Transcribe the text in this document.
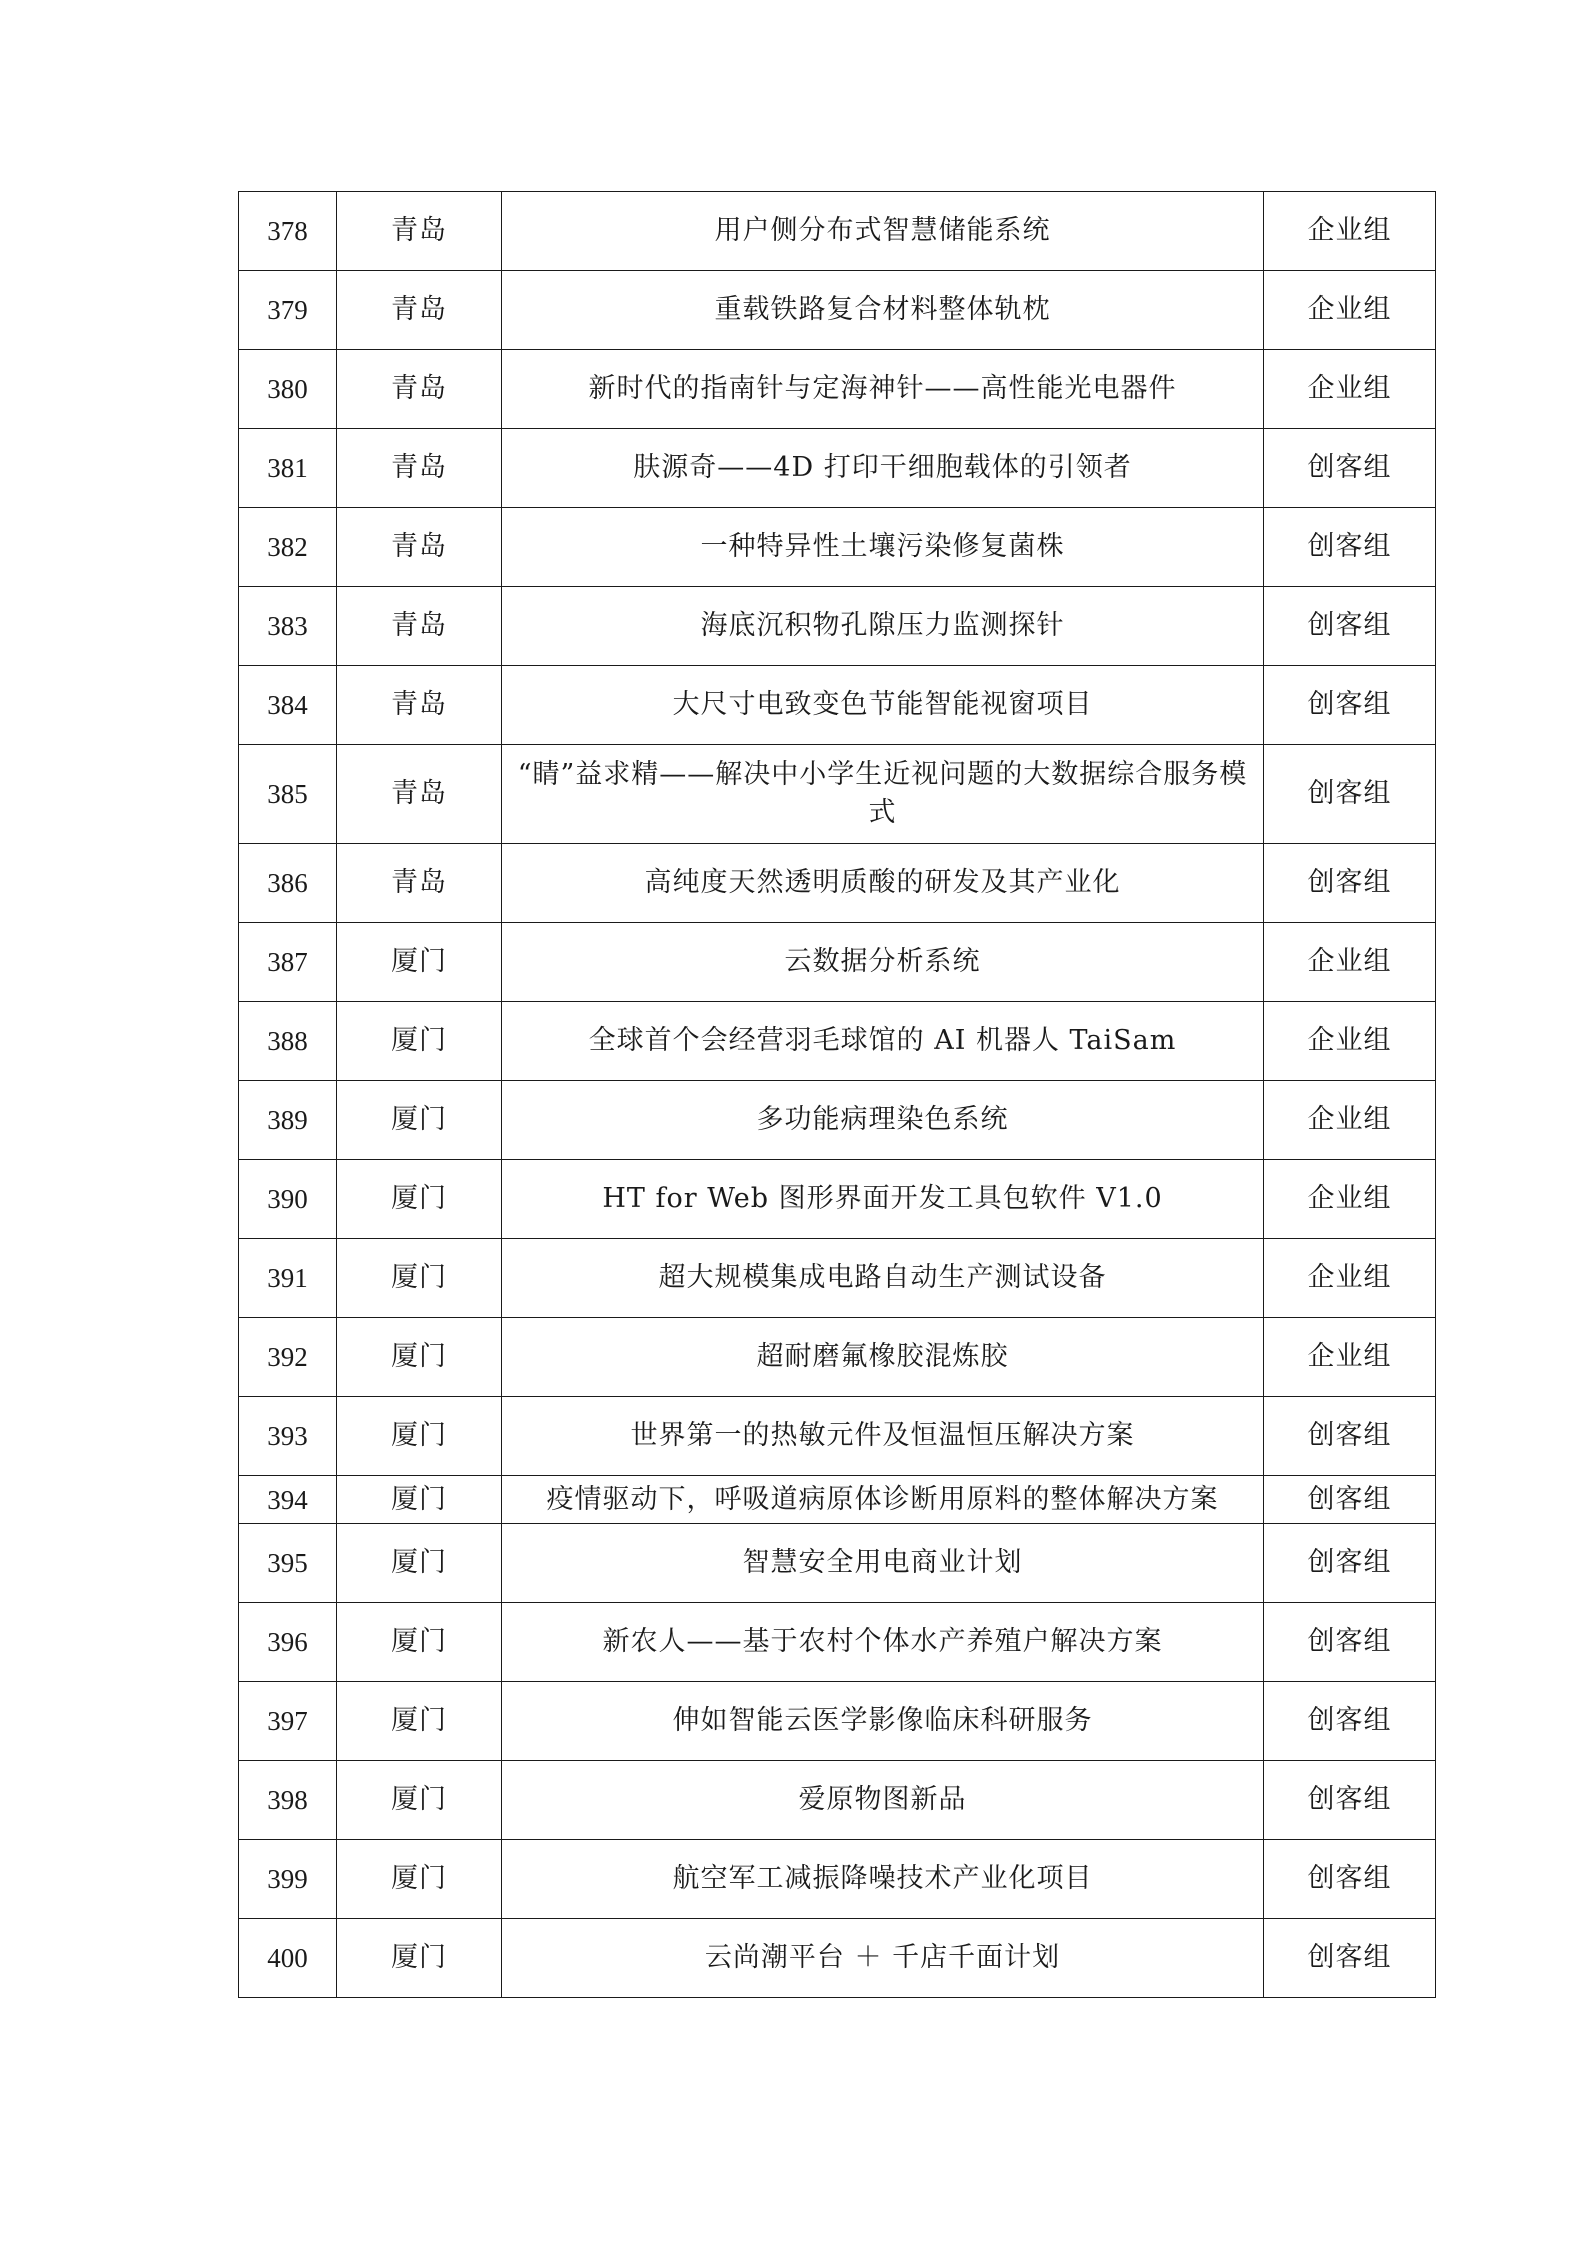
378	青岛	用户侧分布式智慧储能系统	企业组
379	青岛	重载铁路复合材料整体轨枕	企业组
380	青岛	新时代的指南针与定海神针——高性能光电器件	企业组
381	青岛	肤源奇——4D 打印干细胞载体的引领者	创客组
382	青岛	一种特异性土壤污染修复菌株	创客组
383	青岛	海底沉积物孔隙压力监测探针	创客组
384	青岛	大尺寸电致变色节能智能视窗项目	创客组
385	青岛	“睛”益求精——解决中小学生近视问题的大数据综合服务模式	创客组
386	青岛	高纯度天然透明质酸的研发及其产业化	创客组
387	厦门	云数据分析系统	企业组
388	厦门	全球首个会经营羽毛球馆的 AI 机器人 TaiSam	企业组
389	厦门	多功能病理染色系统	企业组
390	厦门	HT for Web 图形界面开发工具包软件 V1.0	企业组
391	厦门	超大规模集成电路自动生产测试设备	企业组
392	厦门	超耐磨氟橡胶混炼胶	企业组
393	厦门	世界第一的热敏元件及恒温恒压解决方案	创客组
394	厦门	疫情驱动下，呼吸道病原体诊断用原料的整体解决方案	创客组
395	厦门	智慧安全用电商业计划	创客组
396	厦门	新农人——基于农村个体水产养殖户解决方案	创客组
397	厦门	伸如智能云医学影像临床科研服务	创客组
398	厦门	爱原物图新品	创客组
399	厦门	航空军工减振降噪技术产业化项目	创客组
400	厦门	云尚潮平台 ＋ 千店千面计划	创客组
